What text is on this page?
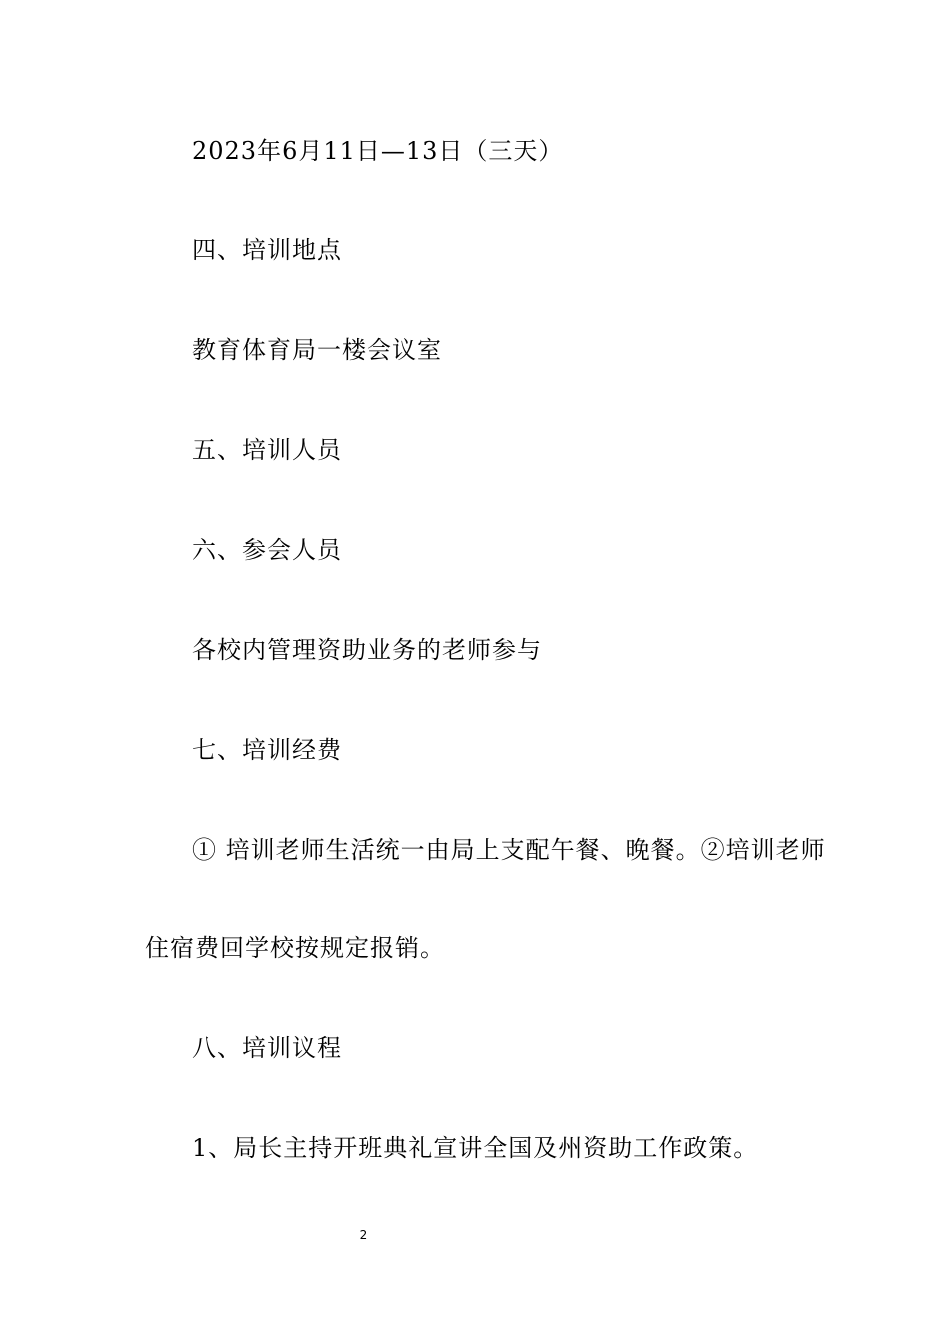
2023年6月11日—13日（三天）
四、培训地点
教育体育局一楼会议室
五、培训人员
六、参会人员
各校内管理资助业务的老师参与
七、培训经费
① 培训老师生活统一由局上支配午餐、晚餐。②培训老师
住宿费回学校按规定报销。
八、培训议程
1、局长主持开班典礼宣讲全国及州资助工作政策。
2
